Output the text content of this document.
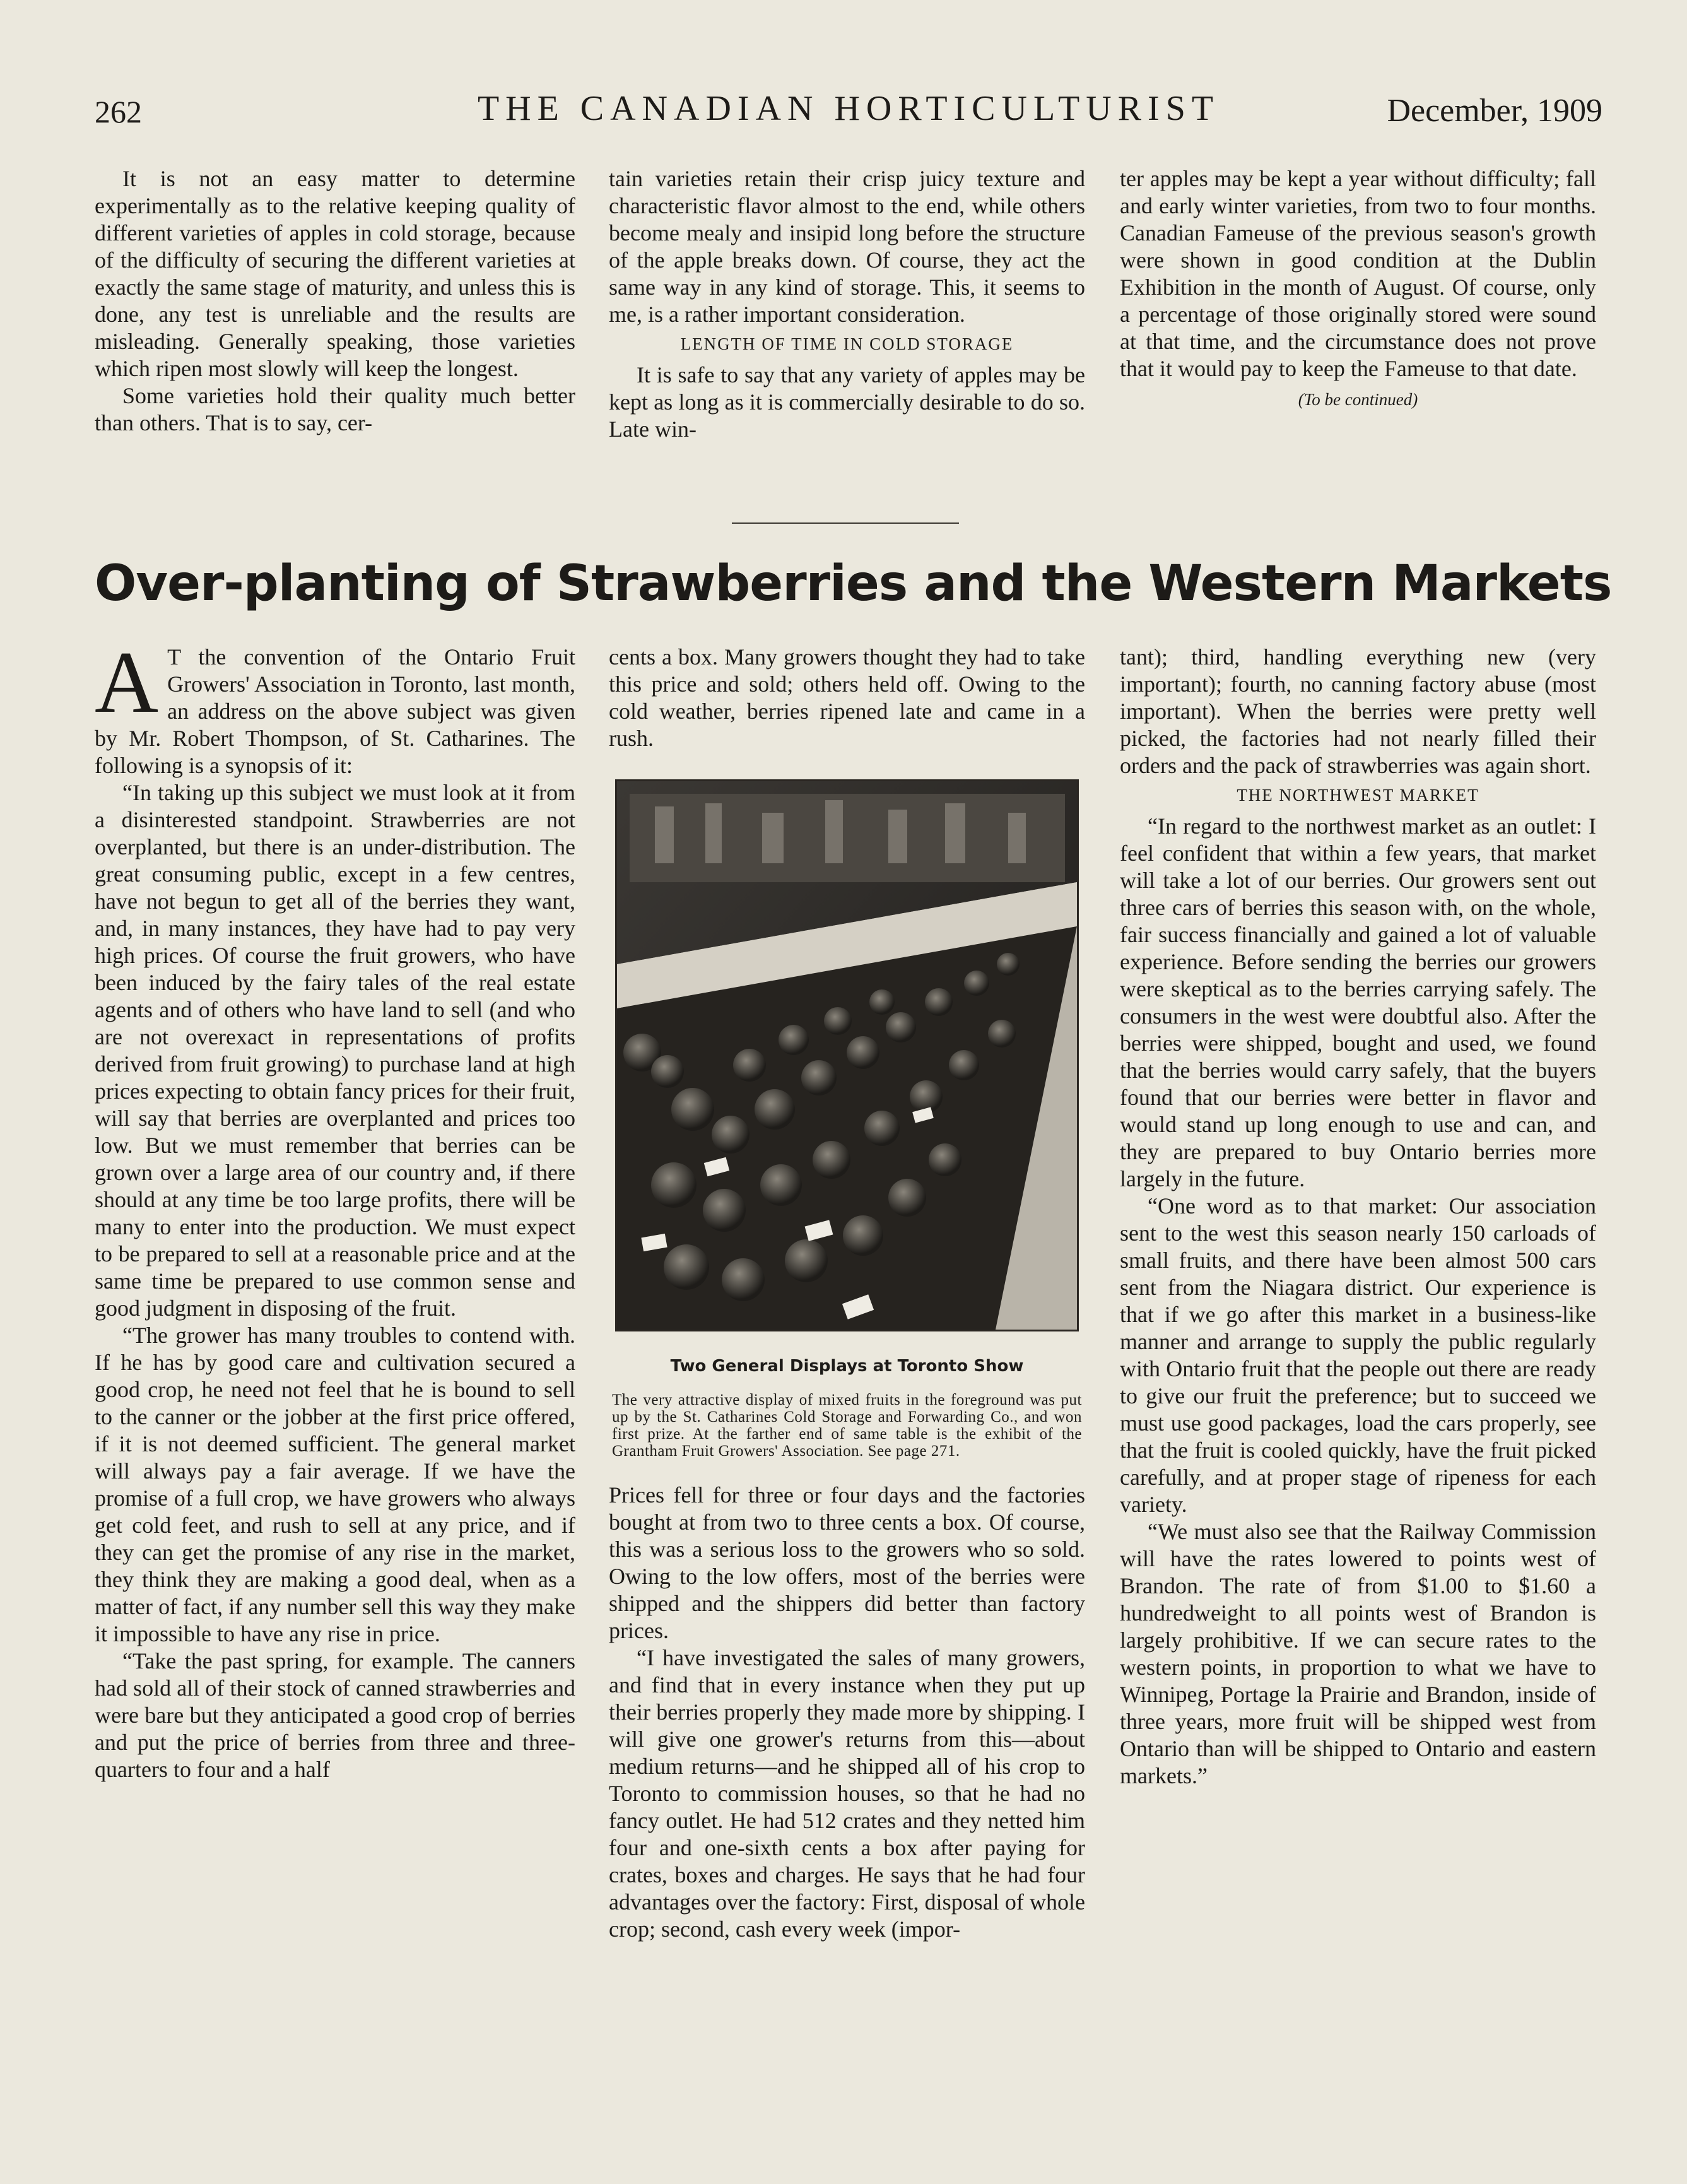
262	THE CANADIAN HORTICULTURIST	December, 1909

It is not an easy matter to determine experimentally as to the relative keeping quality of different varieties of apples in cold storage, because of the difficulty of securing the different varieties at exactly the same stage of maturity, and unless this is done, any test is unreliable and the results are misleading. Generally speaking, those varieties which ripen most slowly will keep the longest.

Some varieties hold their quality much better than others. That is to say, cer-

tain varieties retain their crisp juicy texture and characteristic flavor almost to the end, while others become mealy and insipid long before the structure of the apple breaks down. Of course, they act the same way in any kind of storage. This, it seems to me, is a rather important consideration.

LENGTH OF TIME IN COLD STORAGE

It is safe to say that any variety of apples may be kept as long as it is commercially desirable to do so. Late win-

ter apples may be kept a year without difficulty; fall and early winter varieties, from two to four months. Canadian Fameuse of the previous season's growth were shown in good condition at the Dublin Exhibition in the month of August. Of course, only a percentage of those originally stored were sound at that time, and the circumstance does not prove that it would pay to keep the Fameuse to that date.

(To be continued)
Over-planting of Strawberries and the Western Markets

A T the convention of the Ontario Fruit Growers' Association in Toronto, last month, an address on the above subject was given by Mr. Robert Thompson, of St. Catharines. The following is a synopsis of it:

“In taking up this subject we must look at it from a disinterested standpoint. Strawberries are not overplanted, but there is an under-distribution. The great consuming public, except in a few centres, have not begun to get all of the berries they want, and, in many instances, they have had to pay very high prices. Of course the fruit growers, who have been induced by the fairy tales of the real estate agents and of others who have land to sell (and who are not overexact in representations of profits derived from fruit growing) to purchase land at high prices expecting to obtain fancy prices for their fruit, will say that berries are overplanted and prices too low. But we must remember that berries can be grown over a large area of our country and, if there should at any time be too large profits, there will be many to enter into the production. We must expect to be prepared to sell at a reasonable price and at the same time be prepared to use common sense and good judgment in disposing of the fruit.

“The grower has many troubles to contend with. If he has by good care and cultivation secured a good crop, he need not feel that he is bound to sell to the canner or the jobber at the first price offered, if it is not deemed sufficient. The general market will always pay a fair average. If we have the promise of a full crop, we have growers who always get cold feet, and rush to sell at any price, and if they can get the promise of any rise in the market, they think they are making a good deal, when as a matter of fact, if any number sell this way they make it impossible to have any rise in price.

“Take the past spring, for example. The canners had sold all of their stock of canned strawberries and were bare but they anticipated a good crop of berries and put the price of berries from three and three-quarters to four and a half

cents a box. Many growers thought they had to take this price and sold; others held off. Owing to the cold weather, berries ripened late and came in a rush.

Two General Displays at Toronto Show
The very attractive display of mixed fruits in the foreground was put up by the St. Catharines Cold Storage and Forwarding Co., and won first prize. At the farther end of same table is the exhibit of the Grantham Fruit Growers' Association. See page 271.

Prices fell for three or four days and the factories bought at from two to three cents a box. Of course, this was a serious loss to the growers who so sold. Owing to the low offers, most of the berries were shipped and the shippers did better than factory prices.

“I have investigated the sales of many growers, and find that in every instance when they put up their berries properly they made more by shipping. I will give one grower's returns from this—about medium returns—and he shipped all of his crop to Toronto to commission houses, so that he had no fancy outlet. He had 512 crates and they netted him four and one-sixth cents a box after paying for crates, boxes and charges. He says that he had four advantages over the factory: First, disposal of whole crop; second, cash every week (impor-

tant); third, handling everything new (very important); fourth, no canning factory abuse (most important). When the berries were pretty well picked, the factories had not nearly filled their orders and the pack of strawberries was again short.

THE NORTHWEST MARKET

“In regard to the northwest market as an outlet: I feel confident that within a few years, that market will take a lot of our berries. Our growers sent out three cars of berries this season with, on the whole, fair success financially and gained a lot of valuable experience. Before sending the berries our growers were skeptical as to the berries carrying safely. The consumers in the west were doubtful also. After the berries were shipped, bought and used, we found that the berries would carry safely, that the buyers found that our berries were better in flavor and would stand up long enough to use and can, and they are prepared to buy Ontario berries more largely in the future.

“One word as to that market: Our association sent to the west this season nearly 150 carloads of small fruits, and there have been almost 500 cars sent from the Niagara district. Our experience is that if we go after this market in a business-like manner and arrange to supply the public regularly with Ontario fruit that the people out there are ready to give our fruit the preference; but to succeed we must use good packages, load the cars properly, see that the fruit is cooled quickly, have the fruit picked carefully, and at proper stage of ripeness for each variety.

“We must also see that the Railway Commission will have the rates lowered to points west of Brandon. The rate of from $1.00 to $1.60 a hundredweight to all points west of Brandon is largely prohibitive. If we can secure rates to the western points, in proportion to what we have to Winnipeg, Portage la Prairie and Brandon, inside of three years, more fruit will be shipped west from Ontario than will be shipped to Ontario and eastern markets.”
